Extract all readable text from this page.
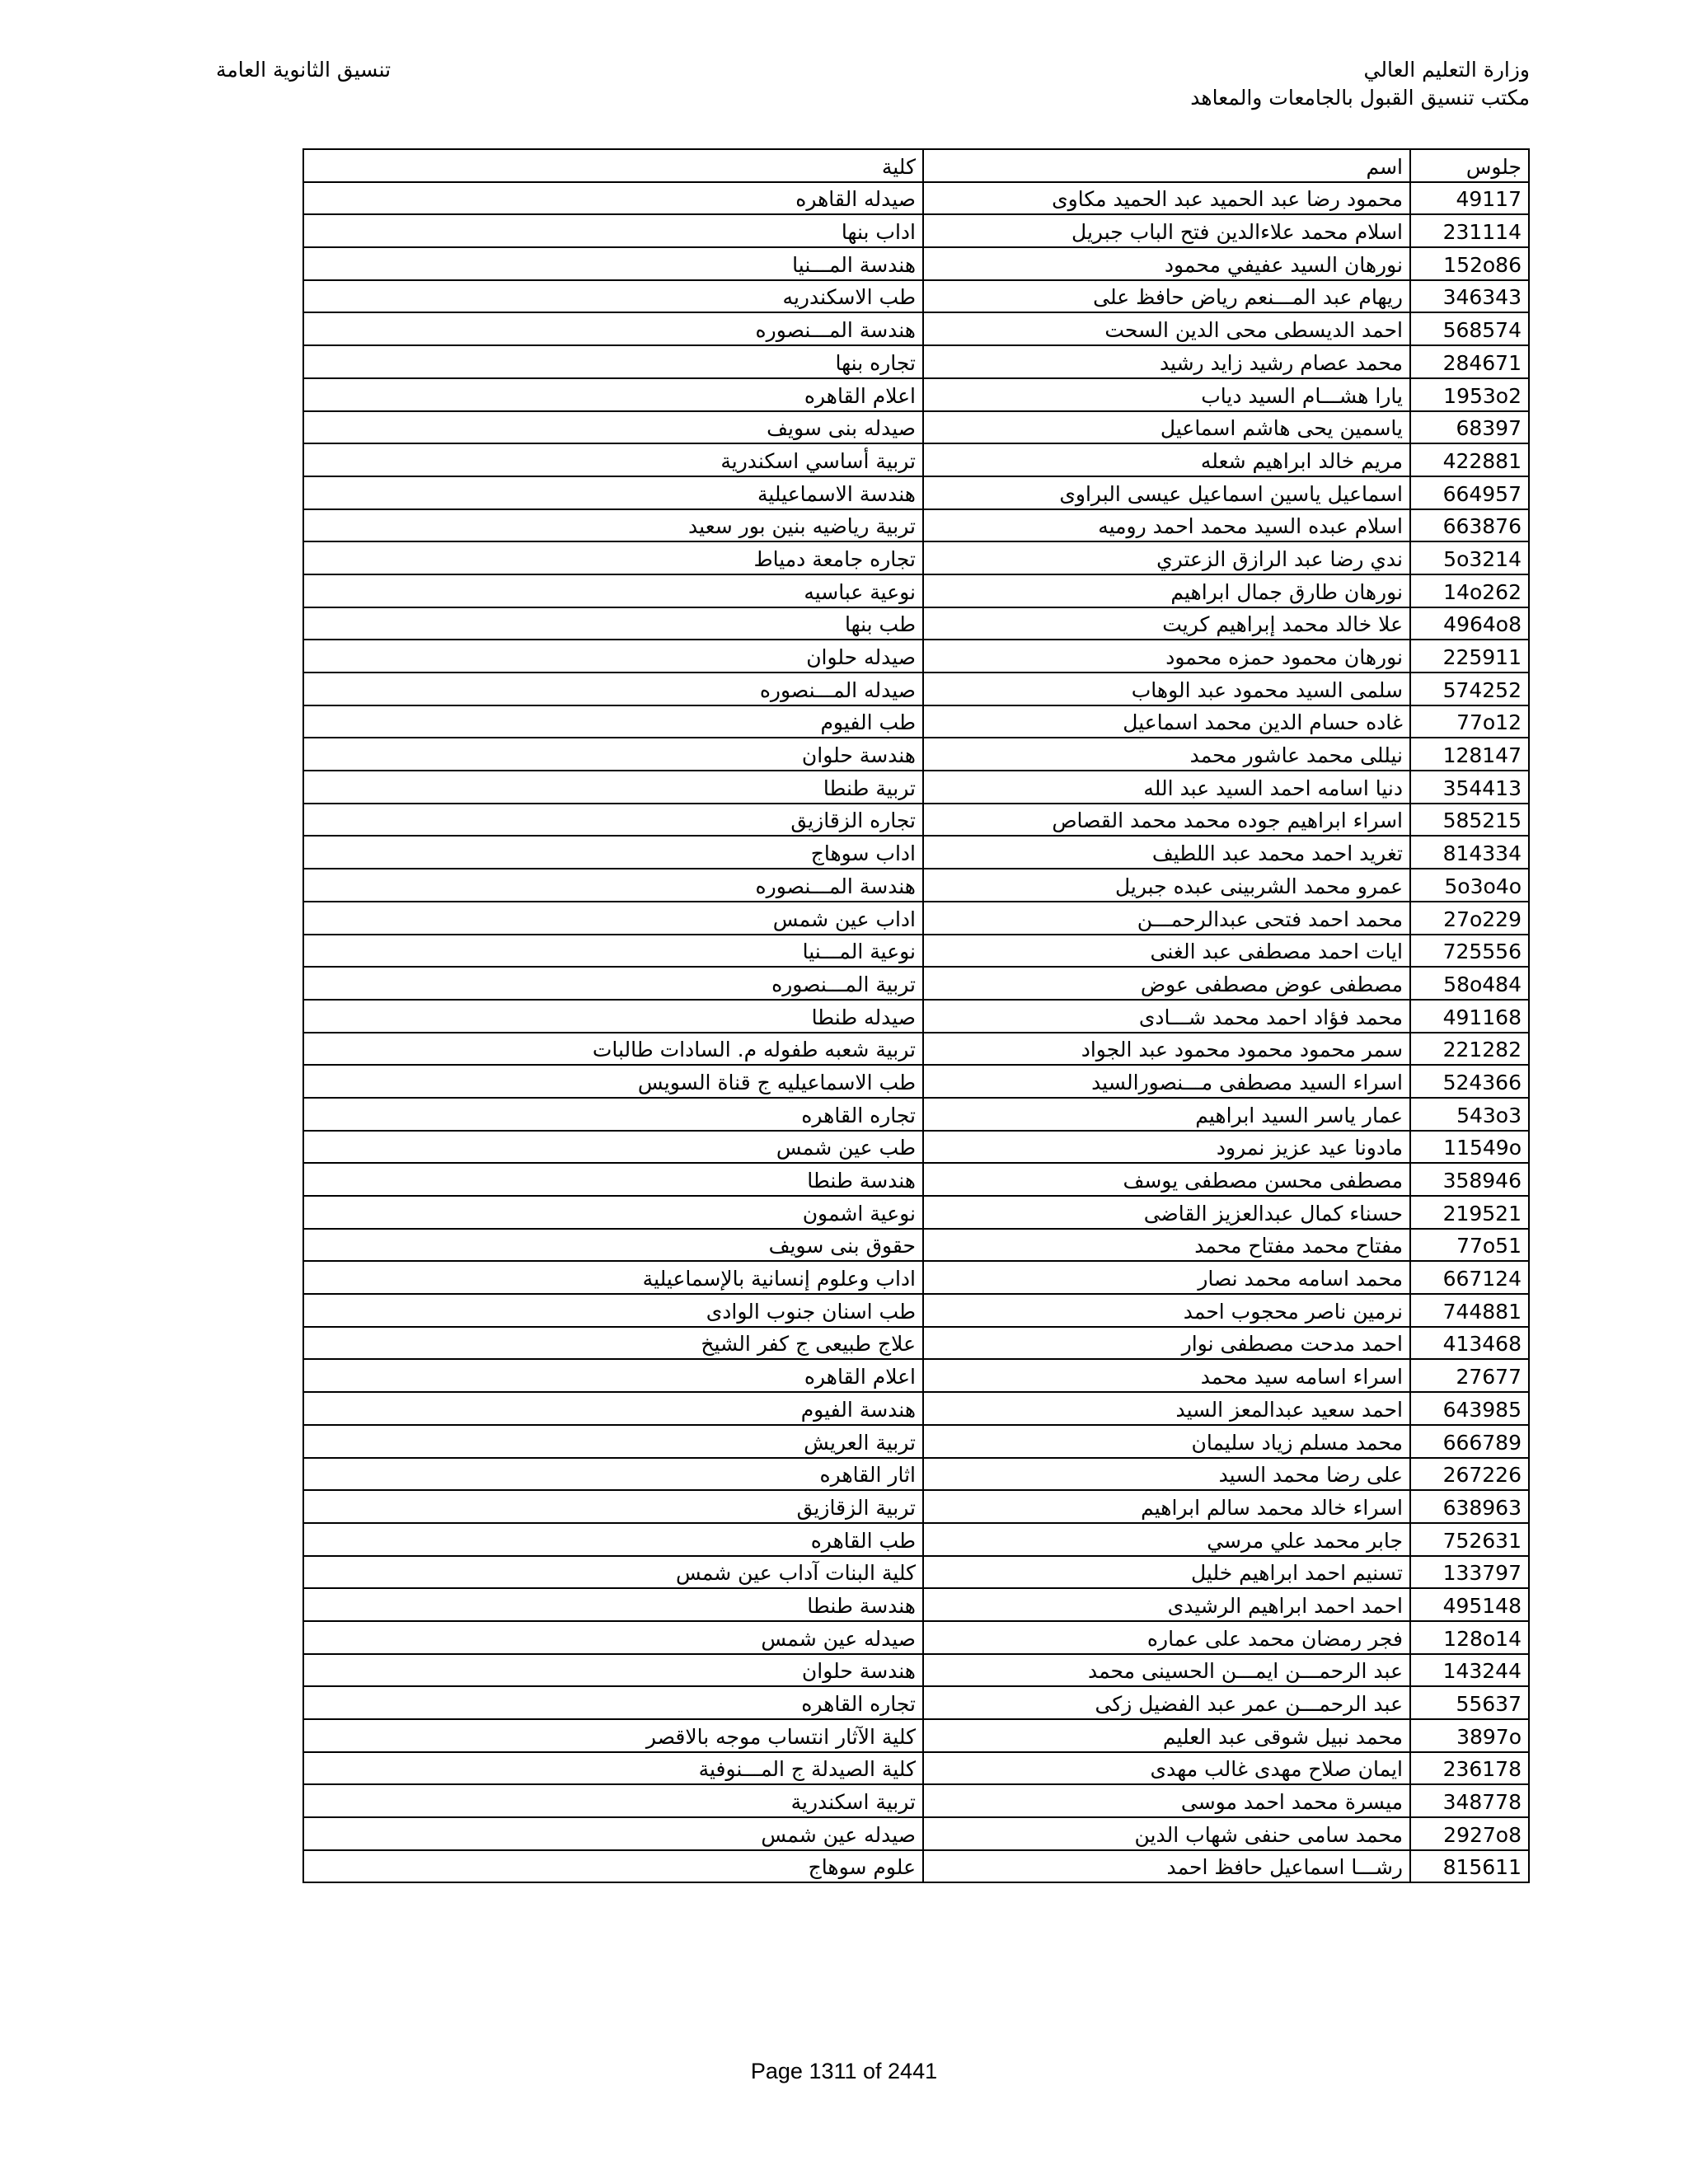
وزارة التعليم العالي
مكتب تنسيق القبول بالجامعات والمعاهد
تنسيق الثانوية العامة
جلوس	اسم	كلية
49117	محمود رضا عبد الحميد عبد الحميد مكاوى	صيدله القاهره
231114	اسلام محمد علاءالدين فتح الباب جبريل	اداب بنها
152o86	نورهان السيد عفيفي محمود	هندسة المـــنيا
346343	ريهام عبد المـــنعم رياض حافظ على	طب الاسكندريه
568574	احمد الديسطى محى الدين السحت	هندسة المـــنصوره
284671	محمد عصام رشيد زايد رشيد	تجاره بنها
1953o2	يارا هشـــام السيد دياب	اعلام القاهره
68397	ياسمين يحى هاشم اسماعيل	صيدله بنى سويف
422881	مريم خالد ابراهيم شعله	تربية أساسي اسكندرية
664957	اسماعيل ياسين اسماعيل عيسى البراوى	هندسة الاسماعيلية
663876	اسلام عبده السيد محمد احمد روميه	تربية رياضيه بنين بور سعيد
5o3214	ندي رضا عبد الرازق الزعتري	تجاره جامعة دمياط
14o262	نورهان طارق جمال ابراهيم	نوعية عباسيه
4964o8	علا خالد محمد إبراهيم كريت	طب بنها
225911	نورهان محمود حمزه محمود	صيدله حلوان
574252	سلمى السيد محمود عبد الوهاب	صيدله المـــنصوره
77o12	غاده حسام الدين محمد اسماعيل	طب الفيوم
128147	نيللى محمد عاشور محمد	هندسة حلوان
354413	دنيا اسامه احمد السيد عبد الله	تربية طنطا
585215	اسراء ابراهيم جوده محمد محمد القصاص	تجاره الزقازيق
814334	تغريد احمد محمد عبد اللطيف	اداب سوهاج
5o3o4o	عمرو محمد الشربينى عبده جبريل	هندسة المـــنصوره
27o229	محمد احمد فتحى عبدالرحمـــن	اداب عين شمس
725556	ايات احمد مصطفى عبد الغنى	نوعية المـــنيا
58o484	مصطفى عوض مصطفى عوض	تربية المـــنصوره
491168	محمد فؤاد احمد محمد شـــادى	صيدله طنطا
221282	سمر محمود محمود محمود عبد الجواد	تربية شعبه طفوله م. السادات طالبات
524366	اسراء السيد مصطفى مـــنصورالسيد	طب الاسماعيليه ج قناة السويس
543o3	عمار ياسر السيد ابراهيم	تجاره القاهره
11549o	مادونا عيد عزيز نمرود	طب عين شمس
358946	مصطفى محسن مصطفى يوسف	هندسة طنطا
219521	حسناء كمال عبدالعزيز القاضى	نوعية اشمون
77o51	مفتاح محمد مفتاح محمد	حقوق بنى سويف
667124	محمد اسامه محمد نصار	اداب وعلوم إنسانية بالإسماعيلية
744881	نرمين ناصر محجوب احمد	طب اسنان جنوب الوادى
413468	احمد مدحت مصطفى نوار	علاج طبيعى ج كفر الشيخ
27677	اسراء اسامه سيد محمد	اعلام القاهره
643985	احمد سعيد عبدالمعز السيد	هندسة الفيوم
666789	محمد مسلم زياد سليمان	تربية العريش
267226	على رضا محمد السيد	اثار القاهره
638963	اسراء خالد محمد سالم ابراهيم	تربية الزقازيق
752631	جابر محمد علي مرسي	طب القاهره
133797	تسنيم احمد ابراهيم خليل	كلية البنات آداب عين شمس
495148	احمد احمد ابراهيم الرشيدى	هندسة طنطا
128o14	فجر رمضان محمد على عماره	صيدله عين شمس
143244	عبد الرحمـــن ايمـــن الحسينى محمد	هندسة حلوان
55637	عبد الرحمـــن عمر عبد الفضيل زكى	تجاره القاهره
3897o	محمد نبيل شوقى عبد العليم	كلية الآثار انتساب موجه بالاقصر
236178	ايمان صلاح مهدى غالب مهدى	كلية الصيدلة ج المـــنوفية
348778	ميسرة محمد احمد موسى	تربية اسكندرية
2927o8	محمد سامى حنفى شهاب الدين	صيدله عين شمس
815611	رشـــا اسماعيل حافظ احمد	علوم سوهاج
Page 1311 of 2441
